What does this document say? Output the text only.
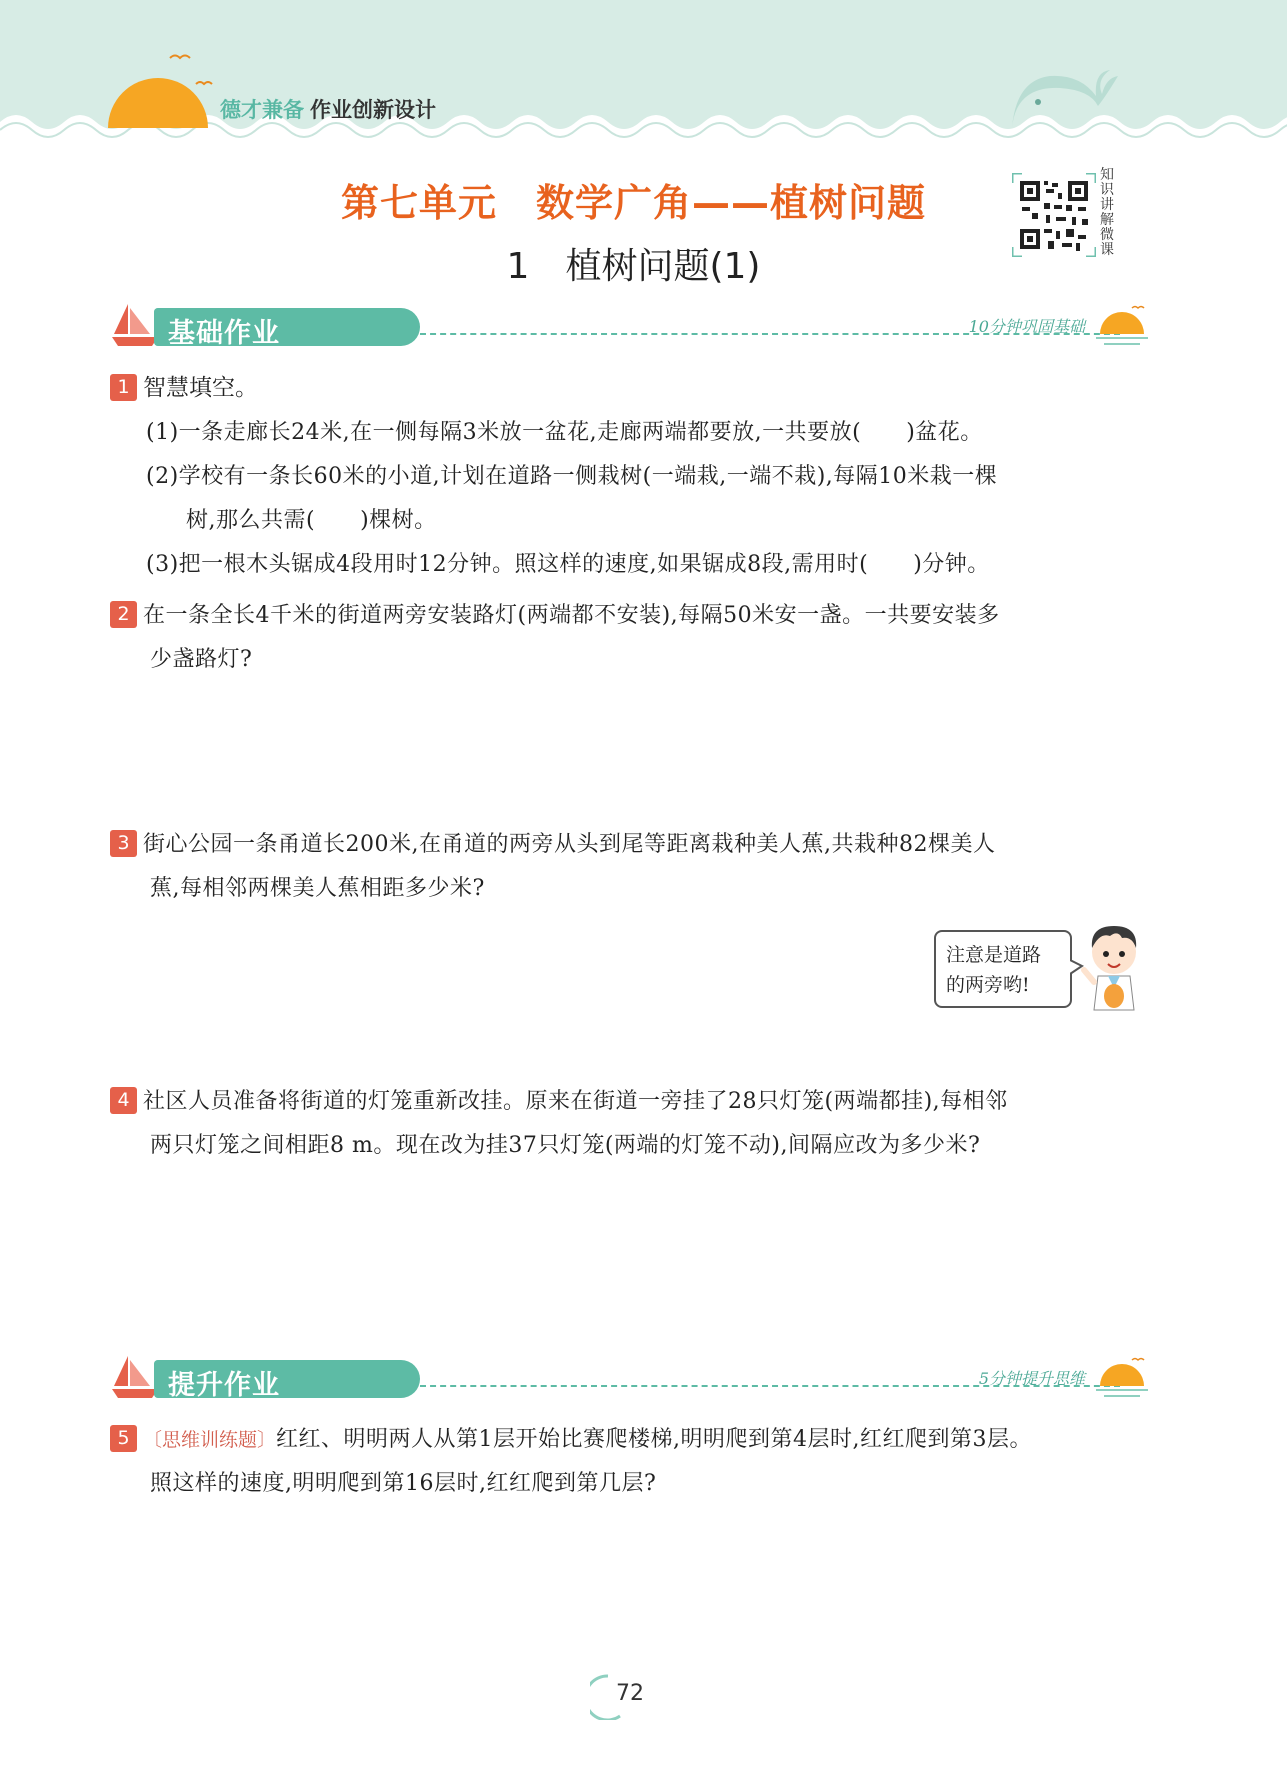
德才兼备 作业创新设计
第七单元　数学广角——植树问题
1　植树问题(1)
知识讲解微课
基础作业	10分钟巩固基础
1 智慧填空。
(1)一条走廊长24米,在一侧每隔3米放一盆花,走廊两端都要放,一共要放(　　)盆花。
(2)学校有一条长60米的小道,计划在道路一侧栽树(一端栽,一端不栽),每隔10米栽一棵
树,那么共需(　　)棵树。
(3)把一根木头锯成4段用时12分钟。照这样的速度,如果锯成8段,需用时(　　)分钟。
2 在一条全长4千米的街道两旁安装路灯(两端都不安装),每隔50米安一盏。一共要安装多
少盏路灯?
3 街心公园一条甬道长200米,在甬道的两旁从头到尾等距离栽种美人蕉,共栽种82棵美人
蕉,每相邻两棵美人蕉相距多少米?
注意是道路
的两旁哟!
4 社区人员准备将街道的灯笼重新改挂。原来在街道一旁挂了28只灯笼(两端都挂),每相邻
两只灯笼之间相距8 m。现在改为挂37只灯笼(两端的灯笼不动),间隔应改为多少米?
提升作业	5分钟提升思维
5 〔思维训练题〕红红、明明两人从第1层开始比赛爬楼梯,明明爬到第4层时,红红爬到第3层。
照这样的速度,明明爬到第16层时,红红爬到第几层?
72
